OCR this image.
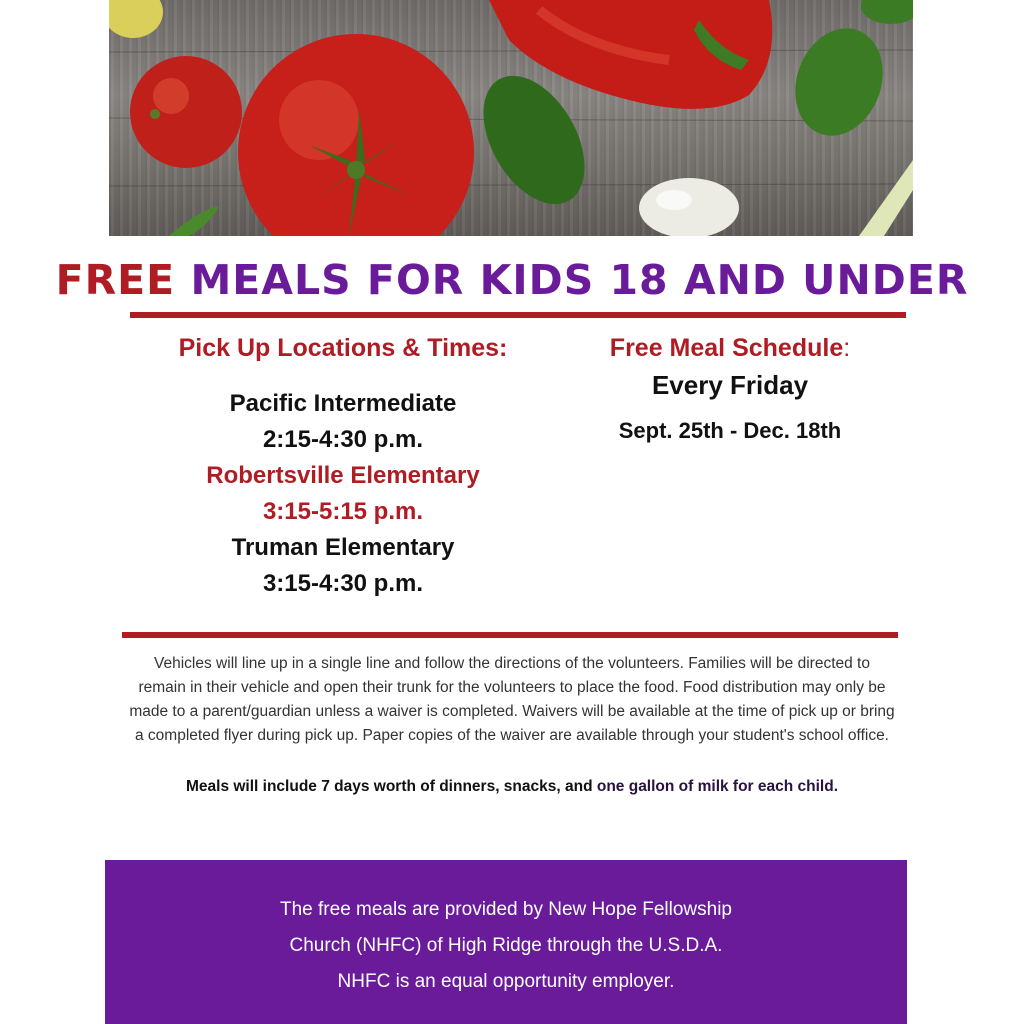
FREE MEALS FOR KIDS 18 AND UNDER
Pick Up Locations & Times:
Pacific Intermediate
2:15-4:30 p.m.
Robertsville Elementary
3:15-5:15 p.m.
Truman Elementary
3:15-4:30 p.m.
Free Meal Schedule:
Every Friday
Sept. 25th - Dec. 18th
Vehicles will line up in a single line and follow the directions of the volunteers. Families will be directed to
remain in their vehicle and open their trunk for the volunteers to place the food. Food distribution may only be
made to a parent/guardian unless a waiver is completed. Waivers will be available at the time of pick up or bring
a completed flyer during pick up. Paper copies of the waiver are available through your student's school office.
Meals will include 7 days worth of dinners, snacks, and one gallon of milk for each child.
The free meals are provided by New Hope Fellowship
Church (NHFC) of High Ridge through the U.S.D.A.
NHFC is an equal opportunity employer.
